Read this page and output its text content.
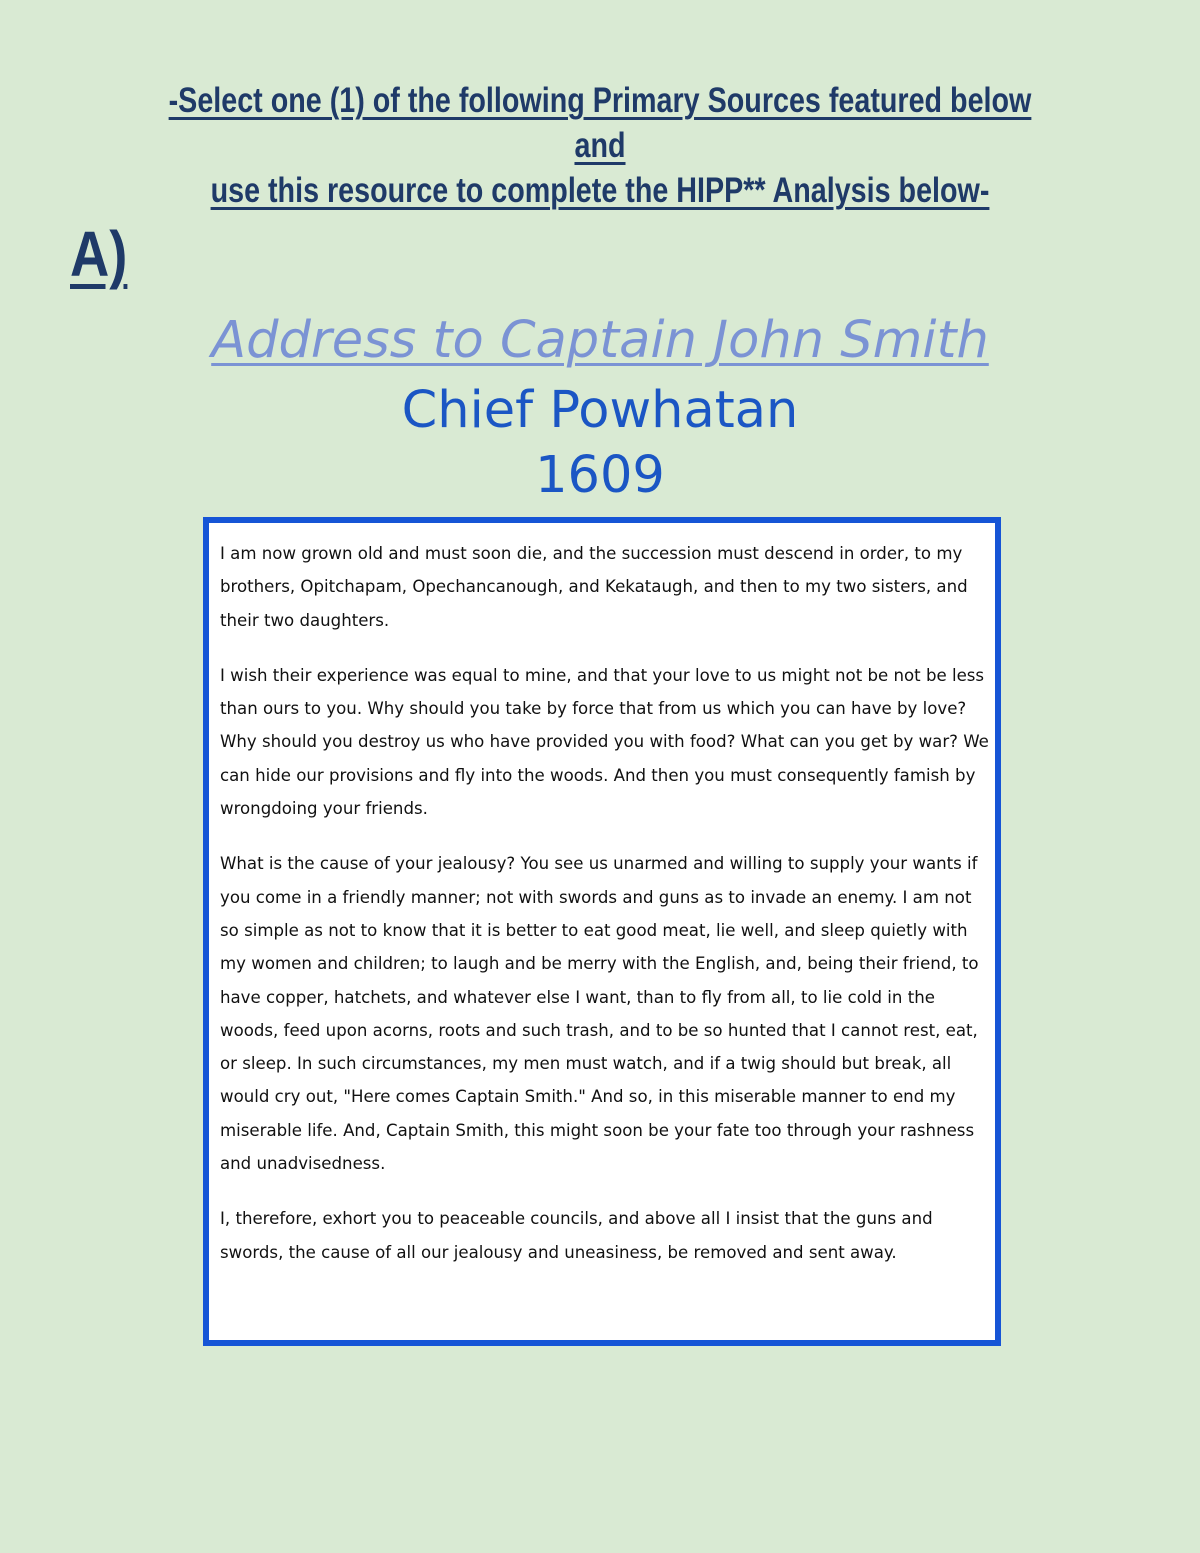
-Select one (1) of the following Primary Sources featured below and
use this resource to complete the HIPP** Analysis below-
A)
Address to Captain John Smith
Chief Powhatan
1609

I am now grown old and must soon die, and the succession must descend in order, to my brothers, Opitchapam, Opechancanough, and Kekataugh, and then to my two sisters, and their two daughters.

I wish their experience was equal to mine, and that your love to us might not be not be less than ours to you. Why should you take by force that from us which you can have by love? Why should you destroy us who have provided you with food? What can you get by war? We can hide our provisions and fly into the woods. And then you must consequently famish by wrongdoing your friends.

What is the cause of your jealousy? You see us unarmed and willing to supply your wants if you come in a friendly manner; not with swords and guns as to invade an enemy. I am not so simple as not to know that it is better to eat good meat, lie well, and sleep quietly with my women and children; to laugh and be merry with the English, and, being their friend, to have copper, hatchets, and whatever else I want, than to fly from all, to lie cold in the woods, feed upon acorns, roots and such trash, and to be so hunted that I cannot rest, eat, or sleep. In such circumstances, my men must watch, and if a twig should but break, all would cry out, "Here comes Captain Smith." And so, in this miserable manner to end my miserable life. And, Captain Smith, this might soon be your fate too through your rashness and unadvisedness.

I, therefore, exhort you to peaceable councils, and above all I insist that the guns and swords, the cause of all our jealousy and uneasiness, be removed and sent away.
